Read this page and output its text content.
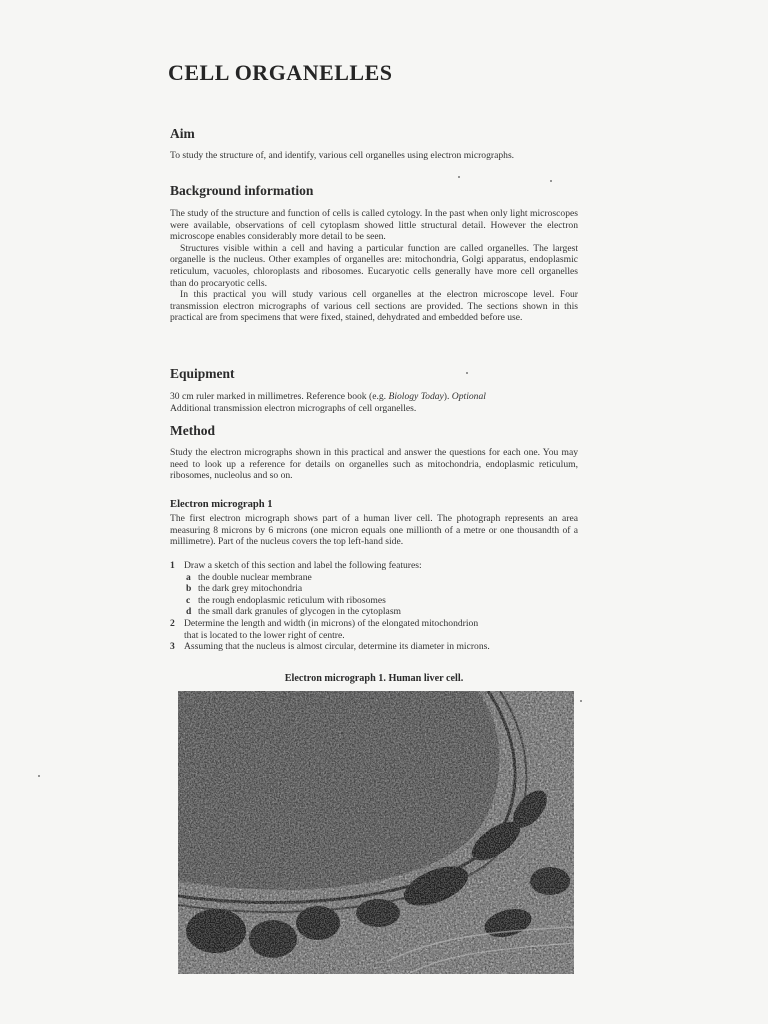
CELL ORGANELLES
Aim

To study the structure of, and identify, various cell organelles using electron micrographs.

Background information

The study of the structure and function of cells is called cytology. In the past when only light microscopes were available, observations of cell cytoplasm showed little structural detail. However the electron microscope enables considerably more detail to be seen.

Structures visible within a cell and having a particular function are called organelles. The largest organelle is the nucleus. Other examples of organelles are: mitochondria, Golgi apparatus, endoplasmic reticulum, vacuoles, chloroplasts and ribosomes. Eucaryotic cells generally have more cell organelles than do procaryotic cells.

In this practical you will study various cell organelles at the electron microscope level. Four transmission electron micrographs of various cell sections are provided. The sections shown in this practical are from specimens that were fixed, stained, dehydrated and embedded before use.

Equipment

30 cm ruler marked in millimetres. Reference book (e.g. Biology Today). Optional

Additional transmission electron micrographs of cell organelles.

Method

Study the electron micrographs shown in this practical and answer the questions for each one. You may need to look up a reference for details on organelles such as mitochondria, endoplasmic reticulum, ribosomes, nucleolus and so on.

Electron micrograph 1

The first electron micrograph shows part of a human liver cell. The photograph represents an area measuring 8 microns by 6 microns (one micron equals one millionth of a metre or one thousandth of a millimetre). Part of the nucleus covers the top left-hand side.

1 Draw a sketch of this section and label the following features:
a the double nuclear membrane
b the dark grey mitochondria
c the rough endoplasmic reticulum with ribosomes
d the small dark granules of glycogen in the cytoplasm
2 Determine the length and width (in microns) of the elongated mitochondrion
that is located to the lower right of centre.
3 Assuming that the nucleus is almost circular, determine its diameter in microns.
Electron micrograph 1. Human liver cell.
